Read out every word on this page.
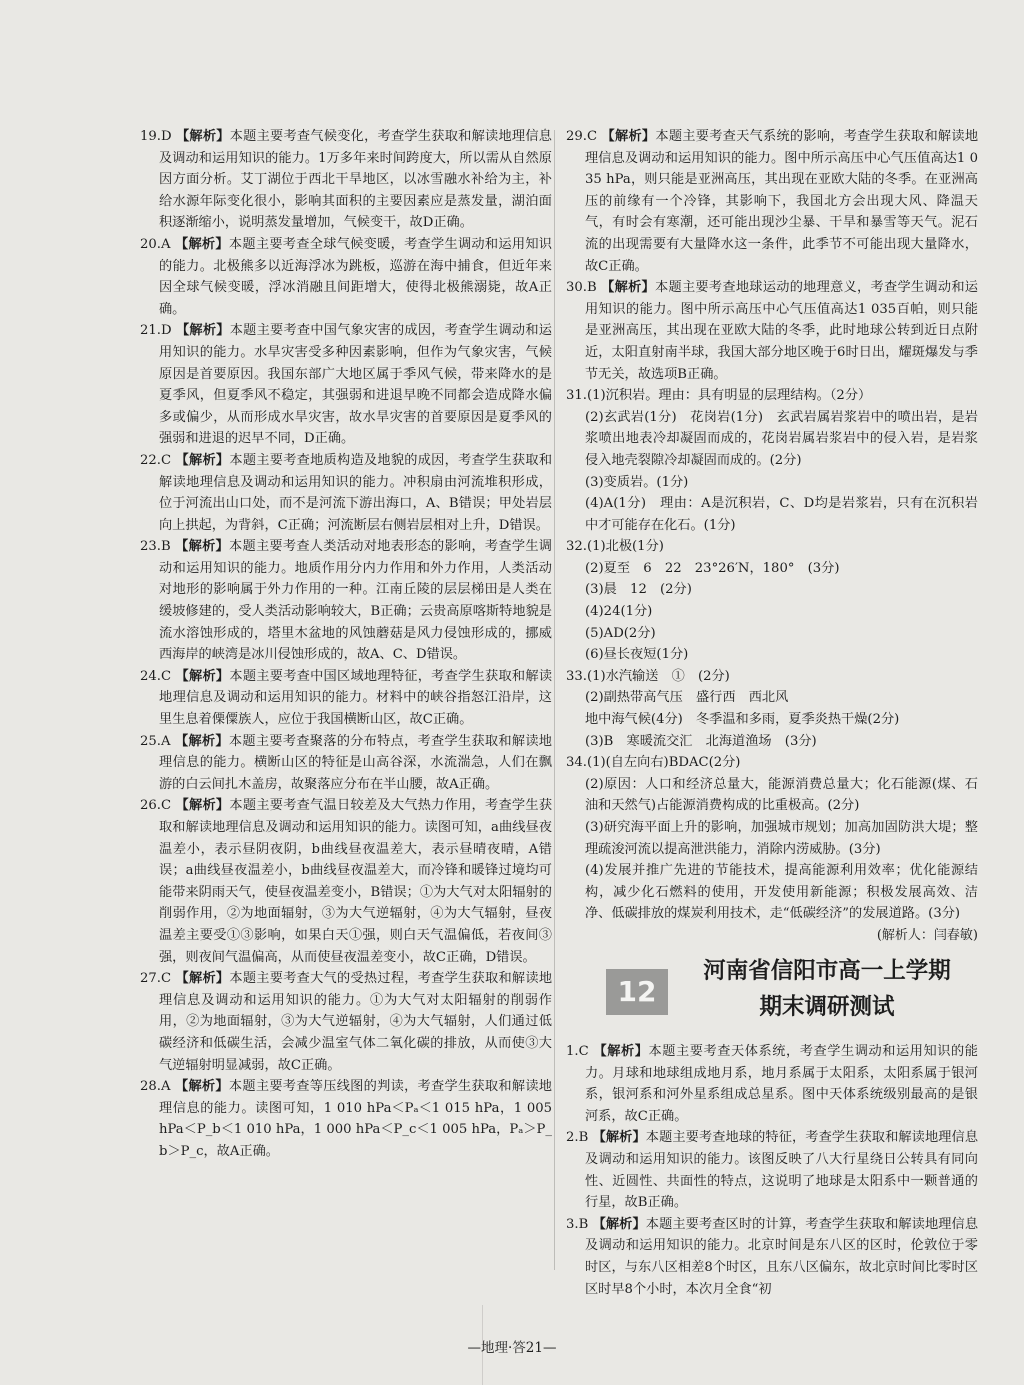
19.D 【解析】本题主要考查气候变化，考查学生获取和解读地理信息及调动和运用知识的能力。1万多年来时间跨度大，所以需从自然原因方面分析。艾丁湖位于西北干旱地区，以冰雪融水补给为主，补给水源年际变化很小，影响其面积的主要因素应是蒸发量，湖泊面积逐渐缩小，说明蒸发量增加，气候变干，故D正确。

20.A 【解析】本题主要考查全球气候变暖，考查学生调动和运用知识的能力。北极熊多以近海浮冰为跳板，巡游在海中捕食，但近年来因全球气候变暖，浮冰消融且间距增大，使得北极熊溺毙，故A正确。

21.D 【解析】本题主要考查中国气象灾害的成因，考查学生调动和运用知识的能力。水旱灾害受多种因素影响，但作为气象灾害，气候原因是首要原因。我国东部广大地区属于季风气候，带来降水的是夏季风，但夏季风不稳定，其强弱和进退早晚不同都会造成降水偏多或偏少，从而形成水旱灾害，故水旱灾害的首要原因是夏季风的强弱和进退的迟早不同，D正确。

22.C 【解析】本题主要考查地质构造及地貌的成因，考查学生获取和解读地理信息及调动和运用知识的能力。冲积扇由河流堆积形成，位于河流出山口处，而不是河流下游出海口，A、B错误；甲处岩层向上拱起，为背斜，C正确；河流断层右侧岩层相对上升，D错误。

23.B 【解析】本题主要考查人类活动对地表形态的影响，考查学生调动和运用知识的能力。地质作用分内力作用和外力作用，人类活动对地形的影响属于外力作用的一种。江南丘陵的层层梯田是人类在缓坡修建的，受人类活动影响较大，B正确；云贵高原喀斯特地貌是流水溶蚀形成的，塔里木盆地的风蚀蘑菇是风力侵蚀形成的，挪威西海岸的峡湾是冰川侵蚀形成的，故A、C、D错误。

24.C 【解析】本题主要考查中国区域地理特征，考查学生获取和解读地理信息及调动和运用知识的能力。材料中的峡谷指怒江沿岸，这里生息着傈僳族人，应位于我国横断山区，故C正确。

25.A 【解析】本题主要考查聚落的分布特点，考查学生获取和解读地理信息的能力。横断山区的特征是山高谷深，水流湍急，人们在飘游的白云间扎木盖房，故聚落应分布在半山腰，故A正确。

26.C 【解析】本题主要考查气温日较差及大气热力作用，考查学生获取和解读地理信息及调动和运用知识的能力。读图可知，a曲线昼夜温差小，表示昼阴夜阴，b曲线昼夜温差大，表示昼晴夜晴，A错误；a曲线昼夜温差小，b曲线昼夜温差大，而冷锋和暖锋过境均可能带来阴雨天气，使昼夜温差变小，B错误；①为大气对太阳辐射的削弱作用，②为地面辐射，③为大气逆辐射，④为大气辐射，昼夜温差主要受①③影响，如果白天①强，则白天气温偏低，若夜间③强，则夜间气温偏高，从而使昼夜温差变小，故C正确，D错误。

27.C 【解析】本题主要考查大气的受热过程，考查学生获取和解读地理信息及调动和运用知识的能力。①为大气对太阳辐射的削弱作用，②为地面辐射，③为大气逆辐射，④为大气辐射，人们通过低碳经济和低碳生活，会减少温室气体二氧化碳的排放，从而使③大气逆辐射明显减弱，故C正确。

28.A 【解析】本题主要考查等压线图的判读，考查学生获取和解读地理信息的能力。读图可知，1 010 hPa＜Pₐ＜1 015 hPa，1 005 hPa＜P_b＜1 010 hPa，1 000 hPa＜P_c＜1 005 hPa，Pₐ＞P_b＞P_c，故A正确。

29.C 【解析】本题主要考查天气系统的影响，考查学生获取和解读地理信息及调动和运用知识的能力。图中所示高压中心气压值高达1 035 hPa，则只能是亚洲高压，其出现在亚欧大陆的冬季。在亚洲高压的前缘有一个冷锋，其影响下，我国北方会出现大风、降温天气，有时会有寒潮，还可能出现沙尘暴、干旱和暴雪等天气。泥石流的出现需要有大量降水这一条件，此季节不可能出现大量降水，故C正确。

30.B 【解析】本题主要考查地球运动的地理意义，考查学生调动和运用知识的能力。图中所示高压中心气压值高达1 035百帕，则只能是亚洲高压，其出现在亚欧大陆的冬季，此时地球公转到近日点附近，太阳直射南半球，我国大部分地区晚于6时日出，耀斑爆发与季节无关，故选项B正确。

31.(1)沉积岩。理由：具有明显的层理结构。（2分）

(2)玄武岩(1分)　花岗岩(1分)　玄武岩属岩浆岩中的喷出岩，是岩浆喷出地表冷却凝固而成的，花岗岩属岩浆岩中的侵入岩，是岩浆侵入地壳裂隙冷却凝固而成的。(2分)

(3)变质岩。(1分)

(4)A(1分)　理由：A是沉积岩，C、D均是岩浆岩，只有在沉积岩中才可能存在化石。(1分)

32.(1)北极(1分)

(2)夏至　6　22　23°26′N，180°　(3分)

(3)晨　12　(2分)

(4)24(1分)

(5)AD(2分)

(6)昼长夜短(1分)

33.(1)水汽输送　①　(2分)

(2)副热带高气压　盛行西　西北风

地中海气候(4分)　冬季温和多雨，夏季炎热干燥(2分)

(3)B　寒暖流交汇　北海道渔场　(3分)

34.(1)(自左向右)BDAC(2分)

(2)原因：人口和经济总量大，能源消费总量大；化石能源(煤、石油和天然气)占能源消费构成的比重极高。(2分)

(3)研究海平面上升的影响，加强城市规划；加高加固防洪大堤；整理疏浚河流以提高泄洪能力，消除内涝威胁。(3分)

(4)发展并推广先进的节能技术，提高能源利用效率；优化能源结构，减少化石燃料的使用，开发使用新能源；积极发展高效、洁净、低碳排放的煤炭利用技术，走“低碳经济”的发展道路。(3分)

(解析人：闫春敏)

12
河南省信阳市高一上学期
期末调研测试

1.C 【解析】本题主要考查天体系统，考查学生调动和运用知识的能力。月球和地球组成地月系，地月系属于太阳系，太阳系属于银河系，银河系和河外星系组成总星系。图中天体系统级别最高的是银河系，故C正确。

2.B 【解析】本题主要考查地球的特征，考查学生获取和解读地理信息及调动和运用知识的能力。该图反映了八大行星绕日公转具有同向性、近圆性、共面性的特点，这说明了地球是太阳系中一颗普通的行星，故B正确。

3.B 【解析】本题主要考查区时的计算，考查学生获取和解读地理信息及调动和运用知识的能力。北京时间是东八区的区时，伦敦位于零时区，与东八区相差8个时区，且东八区偏东，故北京时间比零时区区时早8个小时，本次月全食“初

—地理·答21—
